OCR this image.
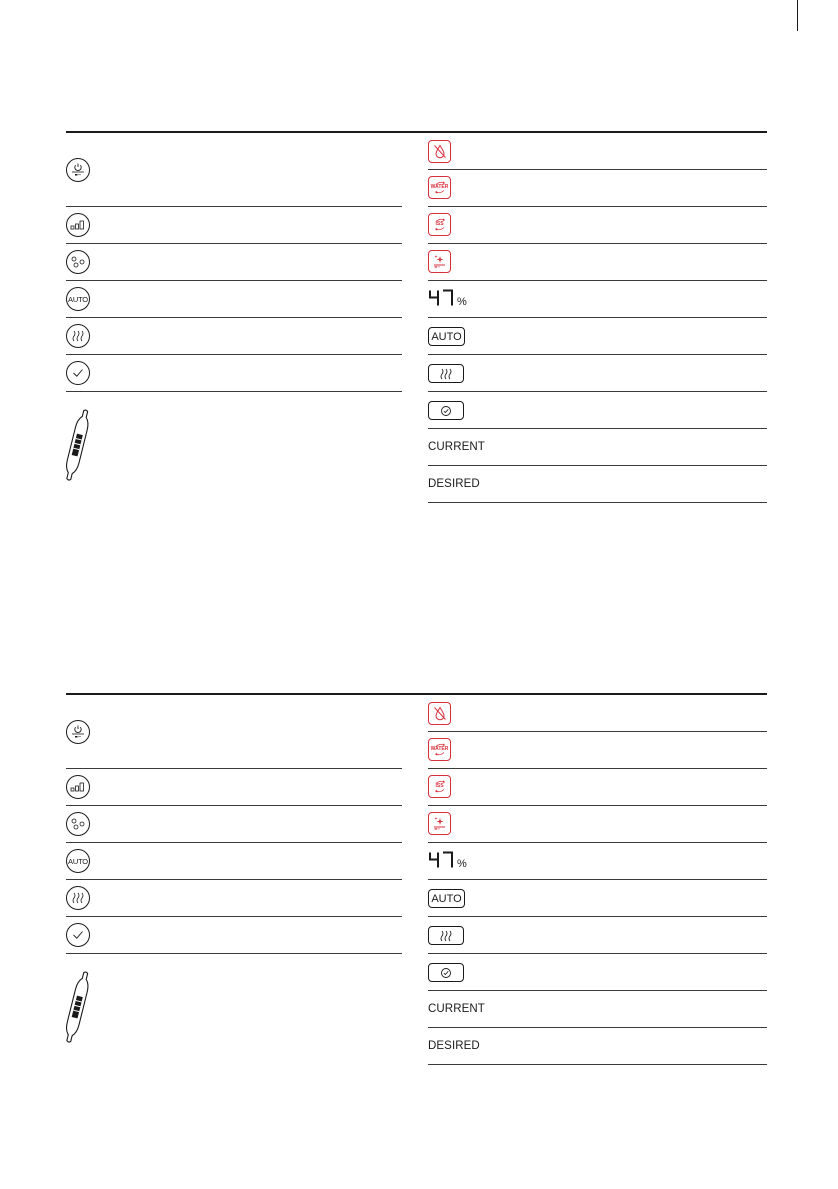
AUTO
WATER
ISS
%
AUTO
CURRENT
DESIRED
AUTO
WATER
ISS
%
AUTO
CURRENT
DESIRED
